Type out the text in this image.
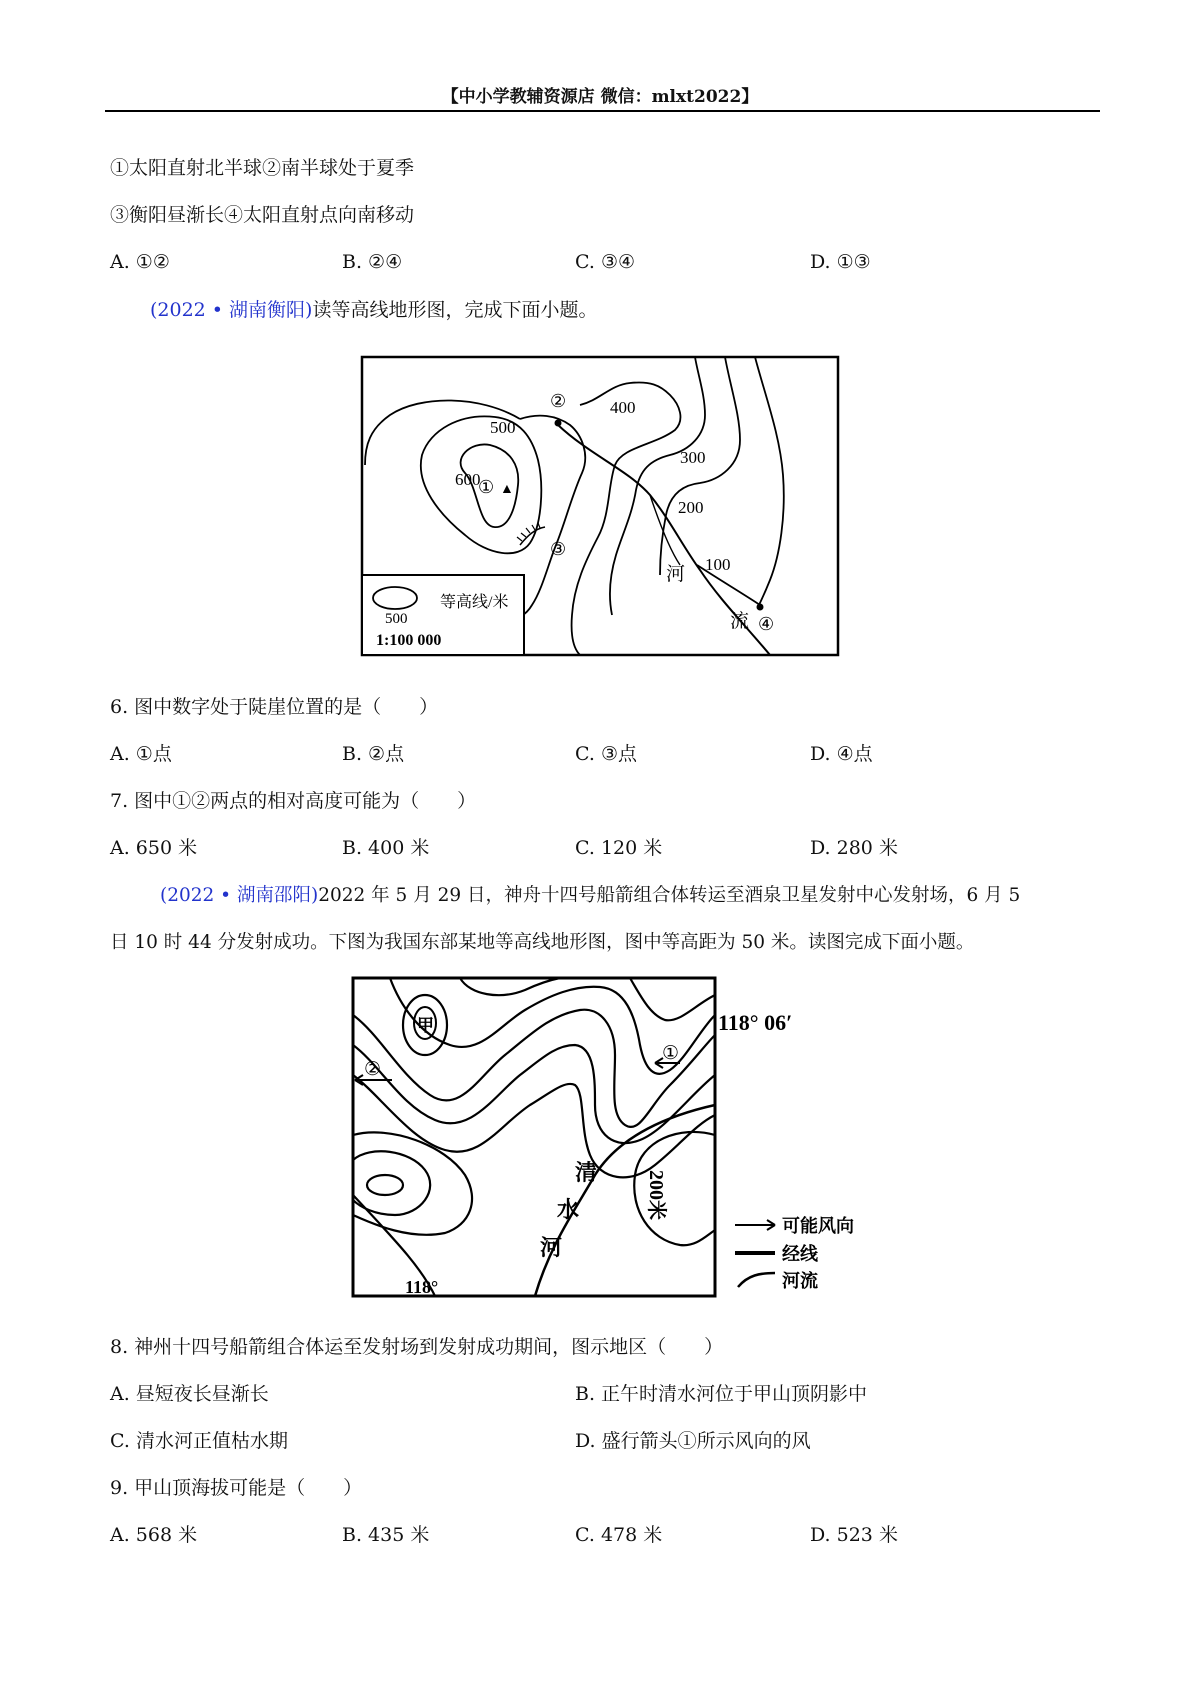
【中小学教辅资源店 微信：mlxt2022】
①太阳直射北半球②南半球处于夏季
③衡阳昼渐长④太阳直射点向南移动
A. ①②	B. ②④	C. ③④	D. ①③
(2022 • 湖南衡阳)读等高线地形图，完成下面小题。
500
600
① ▲
②	400
300
200
100
③
④
河
流
500
等高线/米
1:100 000
6. 图中数字处于陡崖位置的是（　　）
A. ①点	B. ②点	C. ③点	D. ④点
7. 图中①②两点的相对高度可能为（　　）
A. 650 米	B. 400 米	C. 120 米	D. 280 米
(2022 • 湖南邵阳)2022 年 5 月 29 日，神舟十四号船箭组合体转运至酒泉卫星发射中心发射场，6 月 5
日 10 时 44 分发射成功。下图为我国东部某地等高线地形图，图中等高距为 50 米。读图完成下面小题。
甲
②
①
118° 06′
118°
清
水
河
200米
可能风向
经线
河流
8. 神州十四号船箭组合体运至发射场到发射成功期间，图示地区（　　）
A. 昼短夜长昼渐长	B. 正午时清水河位于甲山顶阴影中
C. 清水河正值枯水期	D. 盛行箭头①所示风向的风
9. 甲山顶海拔可能是（　　）
A. 568 米	B. 435 米	C. 478 米	D. 523 米
